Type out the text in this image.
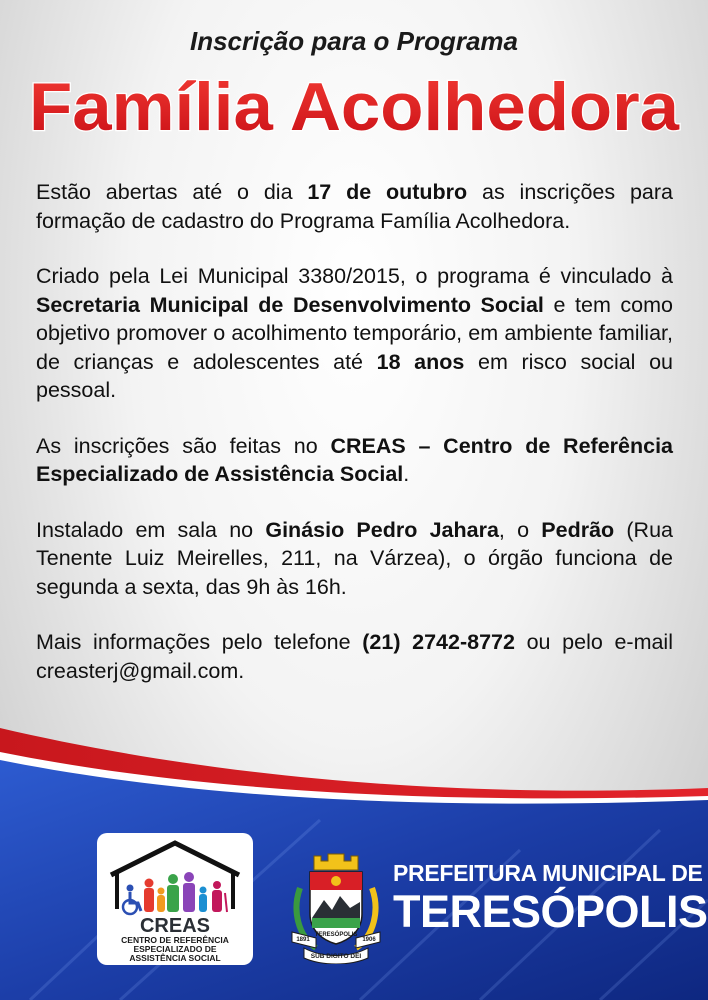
Inscrição para o Programa
Família Acolhedora

Estão abertas até o dia 17 de outubro as inscrições para formação de cadastro do Programa Família Acolhedora.

Criado pela Lei Municipal 3380/2015, o programa é vinculado à Secretaria Municipal de Desenvolvimento Social e tem como objetivo promover o acolhimento temporário, em ambiente familiar, de crianças e adolescentes até 18 anos em risco social ou pessoal.

As inscrições são feitas no CREAS – Centro de Referência Especializado de Assistência Social.

Instalado em sala no Ginásio Pedro Jahara, o Pedrão (Rua Tenente Luiz Meirelles, 211, na Várzea), o órgão funciona de segunda a sexta, das 9h às 16h.

Mais informações pelo telefone (21) 2742-8772 ou pelo e-mail creasterj@gmail.com.

CREAS
CENTRO DE REFERÊNCIA
ESPECIALIZADO DE
ASSISTÊNCIA SOCIAL
TERESÓPOLIS
1891	1906
SUB DIGITO DEI
PREFEITURA MUNICIPAL DE
TERESÓPOLIS
